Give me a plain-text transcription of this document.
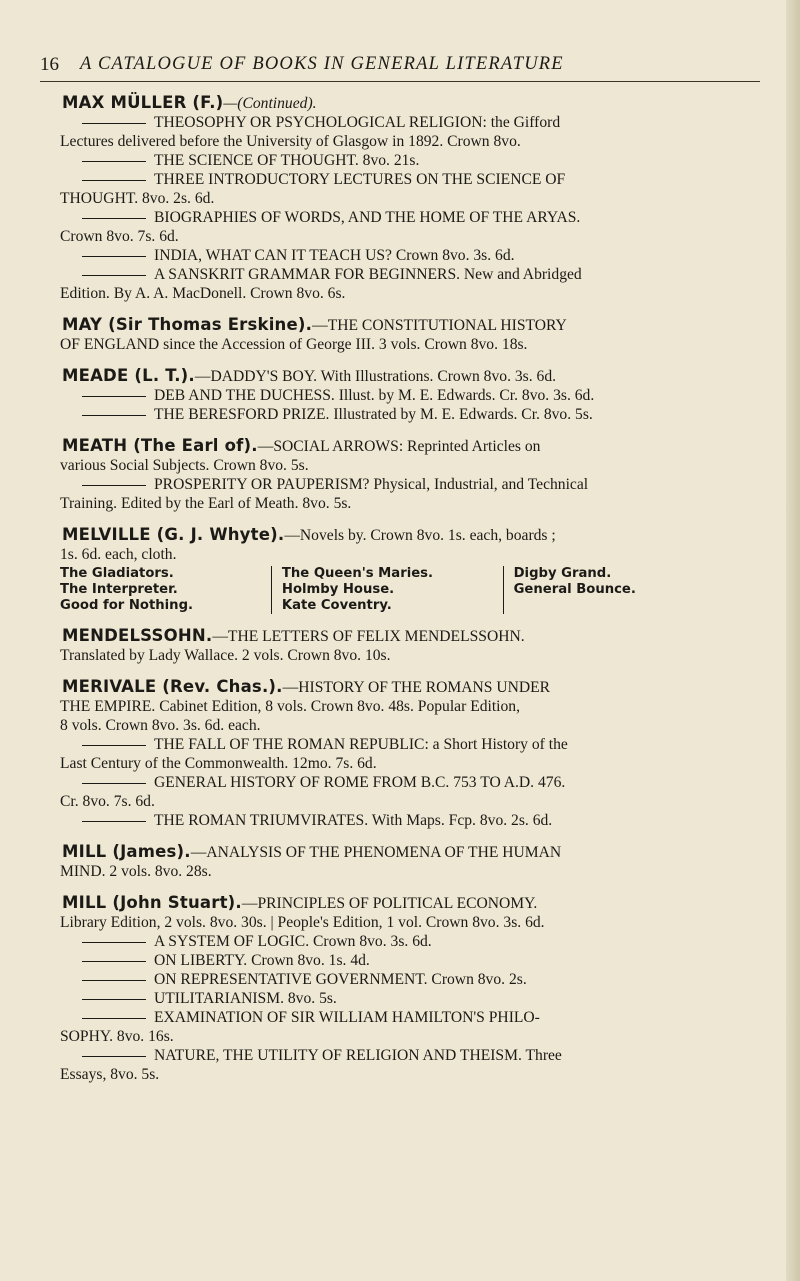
16 A CATALOGUE OF BOOKS IN GENERAL LITERATURE
MAX MÜLLER (F.)—(Continued).
THEOSOPHY OR PSYCHOLOGICAL RELIGION: the Gifford
Lectures delivered before the University of Glasgow in 1892. Crown 8vo.
THE SCIENCE OF THOUGHT. 8vo. 21s.
THREE INTRODUCTORY LECTURES ON THE SCIENCE OF
THOUGHT. 8vo. 2s. 6d.
BIOGRAPHIES OF WORDS, AND THE HOME OF THE ARYAS.
Crown 8vo. 7s. 6d.
INDIA, WHAT CAN IT TEACH US? Crown 8vo. 3s. 6d.
A SANSKRIT GRAMMAR FOR BEGINNERS. New and Abridged
Edition. By A. A. MacDonell. Crown 8vo. 6s.
MAY (Sir Thomas Erskine).—THE CONSTITUTIONAL HISTORY
OF ENGLAND since the Accession of George III. 3 vols. Crown 8vo. 18s.
MEADE (L. T.).—DADDY'S BOY. With Illustrations. Crown 8vo. 3s. 6d.
DEB AND THE DUCHESS. Illust. by M. E. Edwards. Cr. 8vo. 3s. 6d.
THE BERESFORD PRIZE. Illustrated by M. E. Edwards. Cr. 8vo. 5s.
MEATH (The Earl of).—SOCIAL ARROWS: Reprinted Articles on
various Social Subjects. Crown 8vo. 5s.
PROSPERITY OR PAUPERISM? Physical, Industrial, and Technical
Training. Edited by the Earl of Meath. 8vo. 5s.
MELVILLE (G. J. Whyte).—Novels by. Crown 8vo. 1s. each, boards ;
1s. 6d. each, cloth.
The Gladiators.
The Interpreter.
Good for Nothing.
The Queen's Maries.
Holmby House.
Kate Coventry.
Digby Grand.
General Bounce.
MENDELSSOHN.—THE LETTERS OF FELIX MENDELSSOHN.
Translated by Lady Wallace. 2 vols. Crown 8vo. 10s.
MERIVALE (Rev. Chas.).—HISTORY OF THE ROMANS UNDER
THE EMPIRE. Cabinet Edition, 8 vols. Crown 8vo. 48s. Popular Edition,
8 vols. Crown 8vo. 3s. 6d. each.
THE FALL OF THE ROMAN REPUBLIC: a Short History of the
Last Century of the Commonwealth. 12mo. 7s. 6d.
GENERAL HISTORY OF ROME FROM B.C. 753 TO A.D. 476.
Cr. 8vo. 7s. 6d.
THE ROMAN TRIUMVIRATES. With Maps. Fcp. 8vo. 2s. 6d.
MILL (James).—ANALYSIS OF THE PHENOMENA OF THE HUMAN
MIND. 2 vols. 8vo. 28s.
MILL (John Stuart).—PRINCIPLES OF POLITICAL ECONOMY.
Library Edition, 2 vols. 8vo. 30s. | People's Edition, 1 vol. Crown 8vo. 3s. 6d.
A SYSTEM OF LOGIC. Crown 8vo. 3s. 6d.
ON LIBERTY. Crown 8vo. 1s. 4d.
ON REPRESENTATIVE GOVERNMENT. Crown 8vo. 2s.
UTILITARIANISM. 8vo. 5s.
EXAMINATION OF SIR WILLIAM HAMILTON'S PHILO-
SOPHY. 8vo. 16s.
NATURE, THE UTILITY OF RELIGION AND THEISM. Three
Essays, 8vo. 5s.
